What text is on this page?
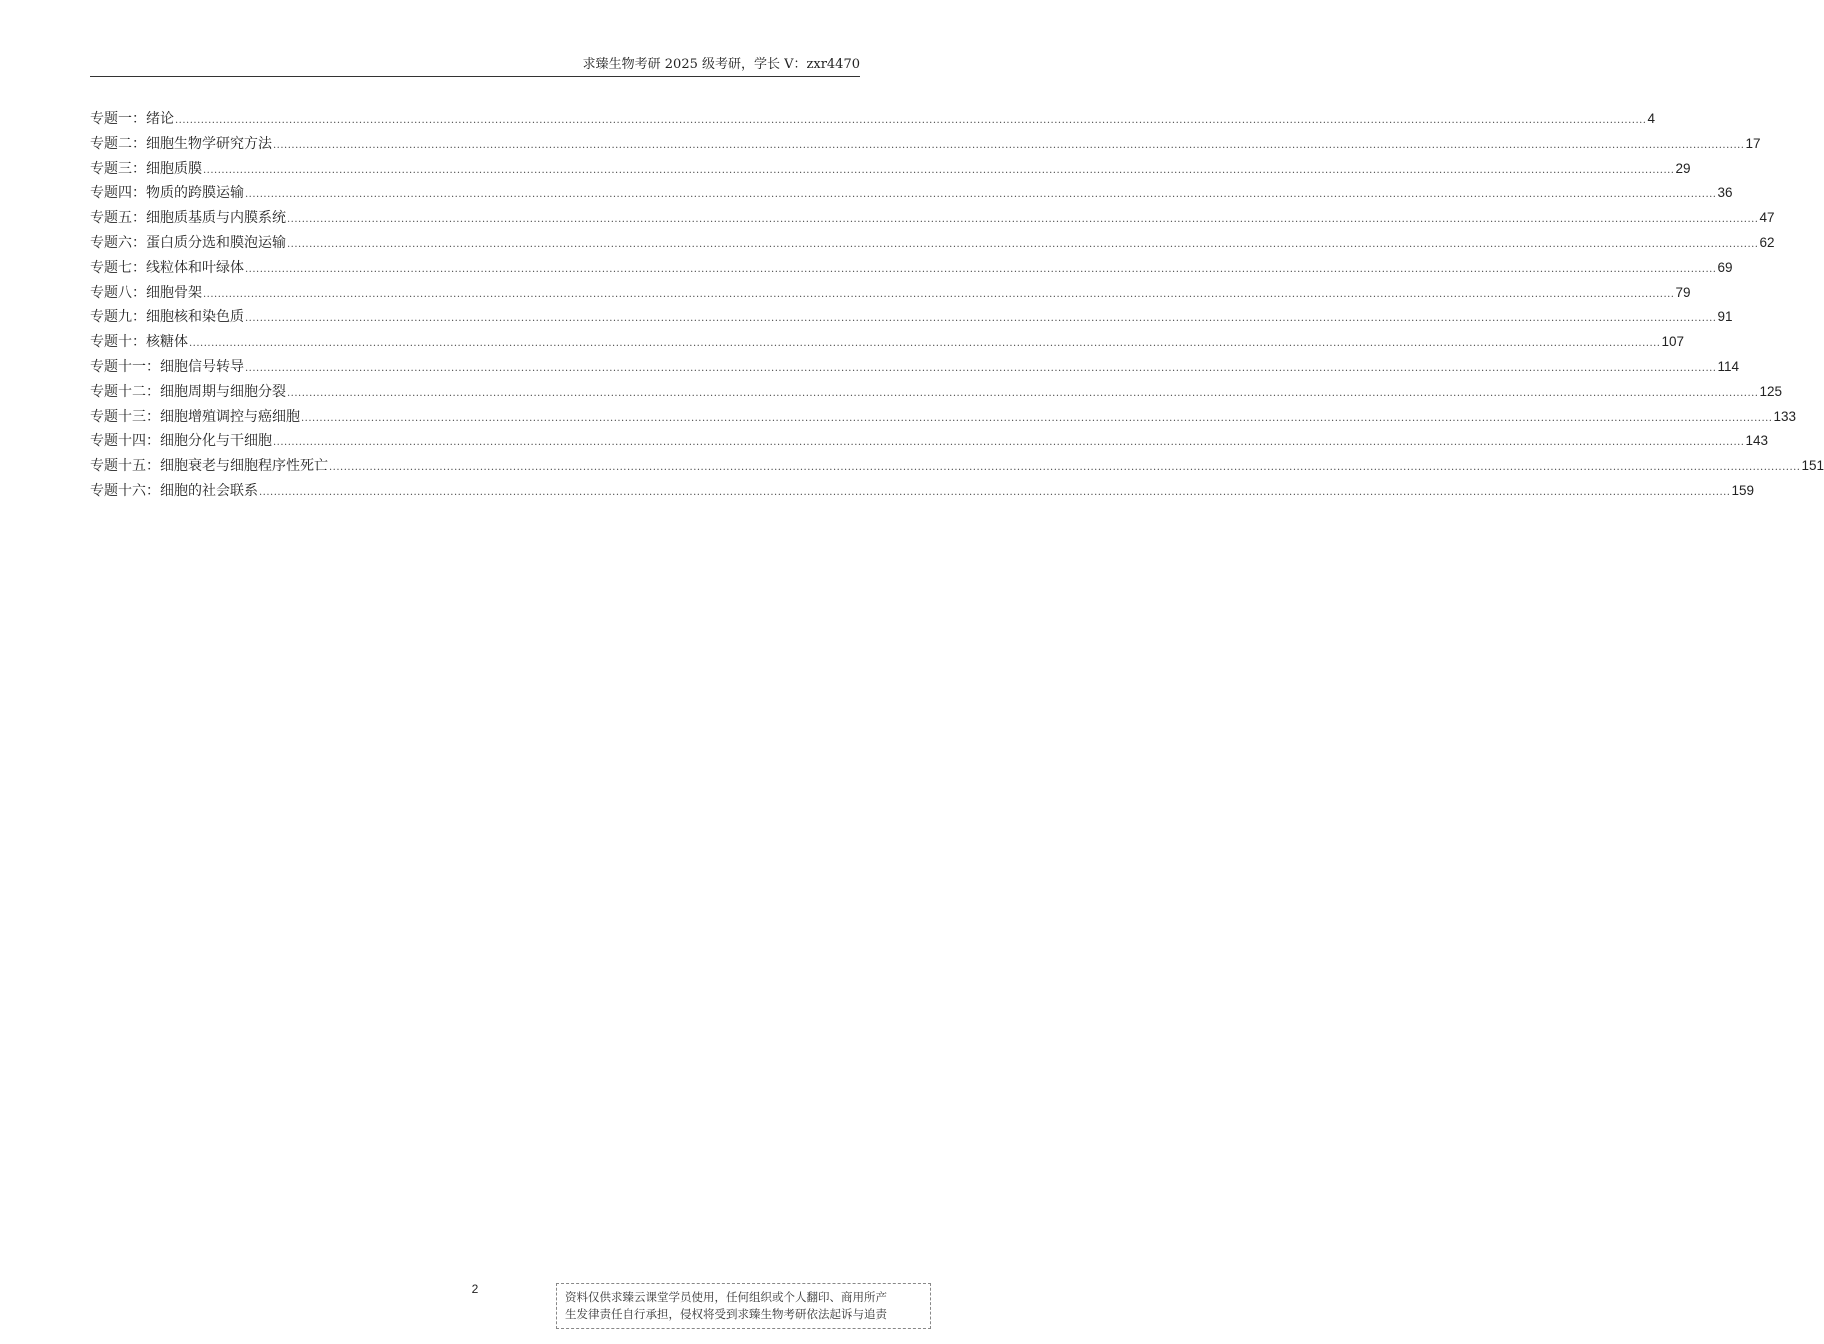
求臻生物考研 2025 级考研，学长 V：zxr4470
专题一：绪论 ................................................................................................................................................................................................................................................................................................................................................................................................................ 4
专题二：细胞生物学研究方法 ................................................................................................................................................................................................................................................................................................................................................................................................................ 17
专题三：细胞质膜 ................................................................................................................................................................................................................................................................................................................................................................................................................ 29
专题四：物质的跨膜运输 ................................................................................................................................................................................................................................................................................................................................................................................................................ 36
专题五：细胞质基质与内膜系统 ................................................................................................................................................................................................................................................................................................................................................................................................................ 47
专题六：蛋白质分选和膜泡运输 ................................................................................................................................................................................................................................................................................................................................................................................................................ 62
专题七：线粒体和叶绿体 ................................................................................................................................................................................................................................................................................................................................................................................................................ 69
专题八：细胞骨架 ................................................................................................................................................................................................................................................................................................................................................................................................................ 79
专题九：细胞核和染色质 ................................................................................................................................................................................................................................................................................................................................................................................................................ 91
专题十：核糖体 ................................................................................................................................................................................................................................................................................................................................................................................................................ 107
专题十一：细胞信号转导 ................................................................................................................................................................................................................................................................................................................................................................................................................ 114
专题十二：细胞周期与细胞分裂 ................................................................................................................................................................................................................................................................................................................................................................................................................ 125
专题十三：细胞增殖调控与癌细胞 ................................................................................................................................................................................................................................................................................................................................................................................................................ 133
专题十四：细胞分化与干细胞 ................................................................................................................................................................................................................................................................................................................................................................................................................ 143
专题十五：细胞衰老与细胞程序性死亡 ................................................................................................................................................................................................................................................................................................................................................................................................................ 151
专题十六：细胞的社会联系 ................................................................................................................................................................................................................................................................................................................................................................................................................ 159
2
资料仅供求臻云课堂学员使用，任何组织或个人翻印、商用所产
生发律责任自行承担，侵权将受到求臻生物考研依法起诉与追责
